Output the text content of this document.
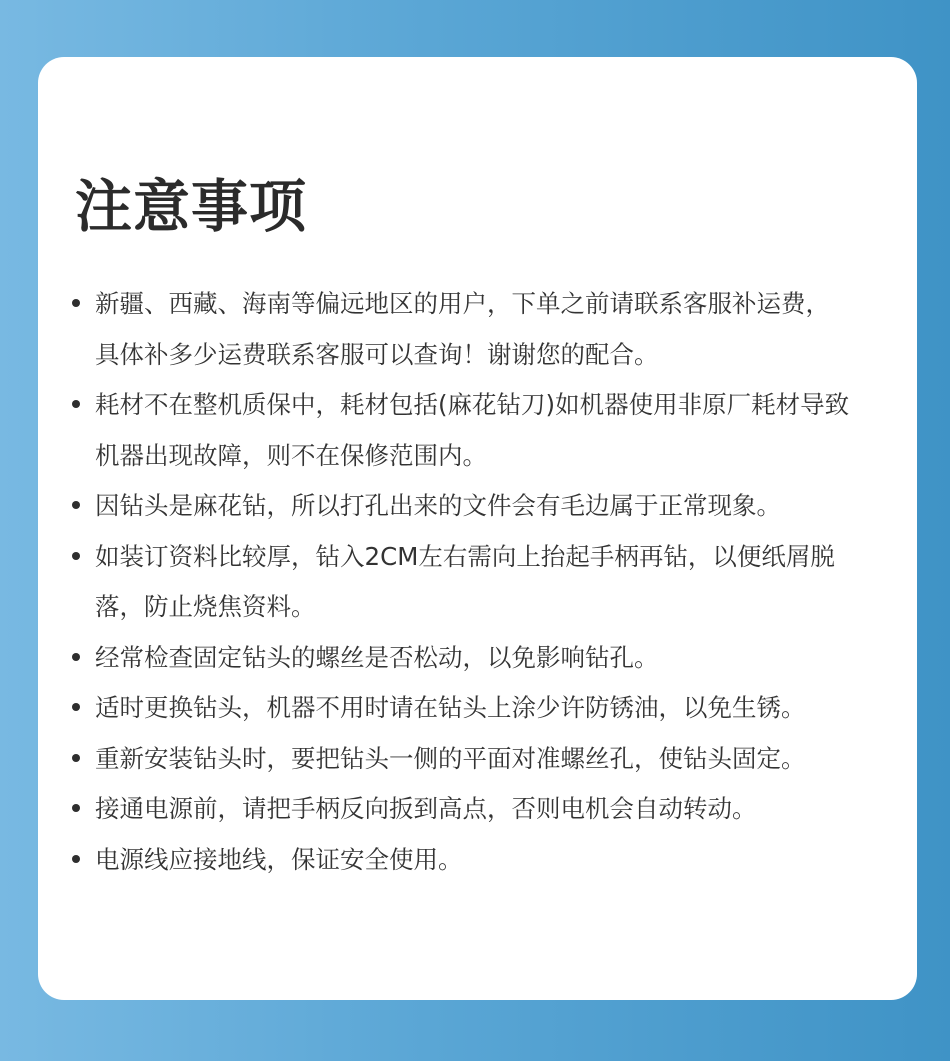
注意事项
新疆、西藏、海南等偏远地区的用户，下单之前请联系客服补运费，
具体补多少运费联系客服可以查询！谢谢您的配合。
耗材不在整机质保中，耗材包括(麻花钻刀)如机器使用非原厂耗材导致
机器出现故障，则不在保修范围内。
因钻头是麻花钻，所以打孔出来的文件会有毛边属于正常现象。
如装订资料比较厚，钻入2CM左右需向上抬起手柄再钻，以便纸屑脱
落，防止烧焦资料。
经常检查固定钻头的螺丝是否松动，以免影响钻孔。
适时更换钻头，机器不用时请在钻头上涂少许防锈油，以免生锈。
重新安装钻头时，要把钻头一侧的平面对准螺丝孔，使钻头固定。
接通电源前，请把手柄反向扳到高点，否则电机会自动转动。
电源线应接地线，保证安全使用。
